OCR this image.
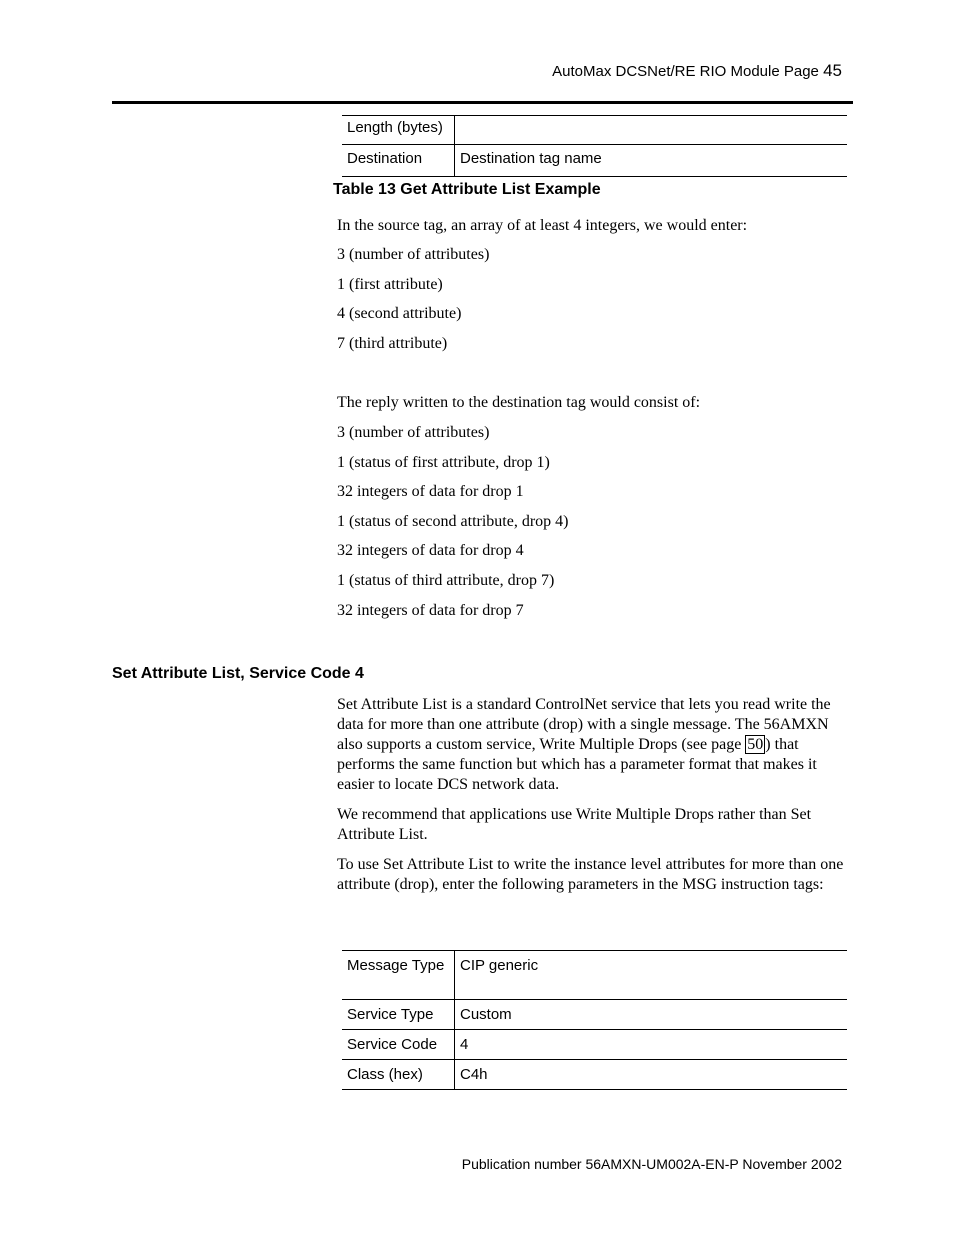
AutoMax DCSNet/RE RIO Module Page 45
Length (bytes)	
Destination	Destination tag name
Table 13 Get Attribute List Example
In the source tag, an array of at least 4 integers, we would enter:
3 (number of attributes)
1 (first attribute)
4 (second attribute)
7 (third attribute)
The reply written to the destination tag would consist of:
3 (number of attributes)
1 (status of first attribute, drop 1)
32 integers of data for drop 1
1 (status of second attribute, drop 4)
32 integers of data for drop 4
1 (status of third attribute, drop 7)
32 integers of data for drop 7
Set Attribute List, Service Code 4
Set Attribute List is a standard ControlNet service that lets you read write the data for more than one attribute (drop) with a single message. The 56AMXN also supports a custom service, Write Multiple Drops (see page 50 ) that performs the same function but which has a parameter format that makes it easier to locate DCS network data.
We recommend that applications use Write Multiple Drops rather than Set Attribute List.
To use Set Attribute List to write the instance level attributes for more than one attribute (drop), enter the following parameters in the MSG instruction tags:
Message Type	CIP generic
Service Type	Custom
Service Code	4
Class (hex)	C4h
Publication number 56AMXN-UM002A-EN-P November 2002
